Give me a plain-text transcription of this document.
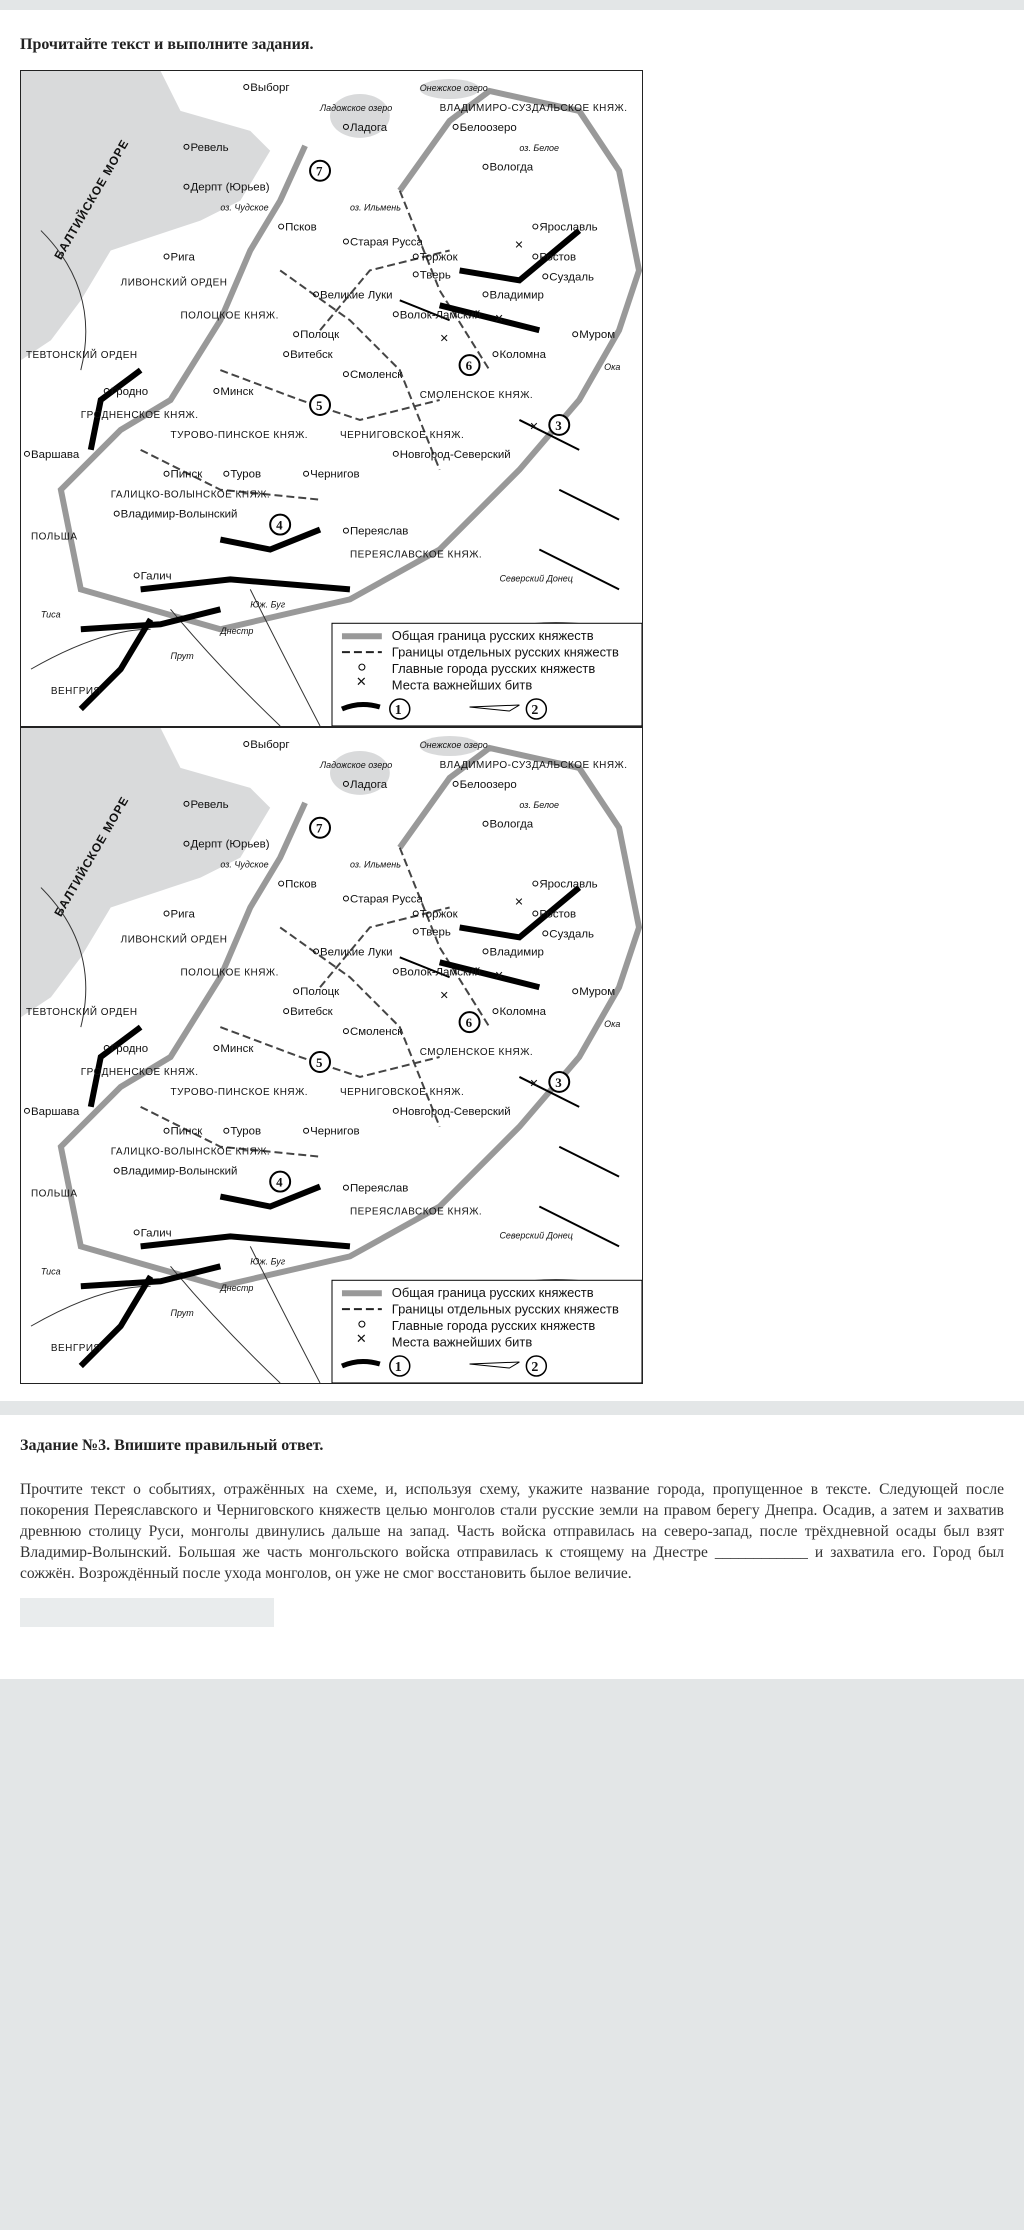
Прочитайте текст и выполните задания.
БАЛТИЙСКОЕ МОРЕ
Выборг
Ладога	Белоозеро
Вологда
Ревель
Дерпт (Юрьев)
Псков
Старая Русса
Ярославль
Ростов
Суздаль
Торжок
Тверь
Владимир
Рига
Великие Луки
Волок-Ламский
Полоцк
Витебск
Муром
Коломна
Смоленск
Гродно	Минск
Новгород-Северский
Пинск Туров	Чернигов
Переяслав
Владимир-Волынский
Галич
Варшава
ЛИВОНСКИЙ ОРДЕН
ТЕВТОНСКИЙ ОРДЕН
ГРОДНЕНСКОЕ КНЯЖ.
ПОЛОЦКОЕ КНЯЖ.
СМОЛЕНСКОЕ КНЯЖ.
ТУРОВО-ПИНСКОЕ КНЯЖ.	ЧЕРНИГОВСКОЕ КНЯЖ.
ПЕРЕЯСЛАВСКОЕ КНЯЖ.
ВЛАДИМИРО-СУЗДАЛЬСКОЕ КНЯЖ.
ГАЛИЦКО-ВОЛЫНСКОЕ КНЯЖ.
ПОЛЬША
ВЕНГРИЯ
Днестр
Юж. Буг
Прут
Тиса
Северский Донец
Ока
Ладожское озеро
Онежское озеро
оз. Белое
оз. Чудское	оз. Ильмень
3
4
5
6
7
✕
✕
✕
✕
✕
Общая граница русских княжеств
Границы отдельных русских княжеств
Главные города русских княжеств
Места важнейших битв
1	2
БАЛТИЙСКОЕ МОРЕ
Выборг
Ладога	Белоозеро
Вологда
Ревель
Дерпт (Юрьев)
Псков
Старая Русса
Ярославль
Ростов
Суздаль
Торжок
Тверь
Владимир
Рига
Великие Луки
Волок-Ламский
Полоцк
Витебск
Муром
Коломна
Смоленск
Гродно	Минск
Новгород-Северский
Пинск Туров	Чернигов
Переяслав
Владимир-Волынский
Галич
Варшава
ЛИВОНСКИЙ ОРДЕН
ТЕВТОНСКИЙ ОРДЕН
ГРОДНЕНСКОЕ КНЯЖ.
ПОЛОЦКОЕ КНЯЖ.
СМОЛЕНСКОЕ КНЯЖ.
ТУРОВО-ПИНСКОЕ КНЯЖ.	ЧЕРНИГОВСКОЕ КНЯЖ.
ПЕРЕЯСЛАВСКОЕ КНЯЖ.
ВЛАДИМИРО-СУЗДАЛЬСКОЕ КНЯЖ.
ГАЛИЦКО-ВОЛЫНСКОЕ КНЯЖ.
ПОЛЬША
ВЕНГРИЯ
Днестр
Юж. Буг
Прут
Тиса
Северский Донец
Ока
Ладожское озеро
Онежское озеро
оз. Белое
оз. Чудское	оз. Ильмень
3
4
5
6
7
✕
✕
✕
✕
✕
Общая граница русских княжеств
Границы отдельных русских княжеств
Главные города русских княжеств
Места важнейших битв
1	2
Задание №3. Впишите правильный ответ.

Прочтите текст о событиях, отражённых на схеме, и, используя схему, укажите название города, пропущенное в тексте. Следующей после покорения Переяславского и Черниговского княжеств целью монголов стали русские земли на правом берегу Днепра. Осадив, а затем и захватив древнюю столицу Руси, монголы двинулись дальше на запад. Часть войска отправилась на северо-запад, после трёхдневной осады был взят Владимир-Волынский. Большая же часть монгольского войска отправилась к стоящему на Днестре ____________ и захватила его. Город был сожжён. Возрождённый после ухода монголов, он уже не смог восстановить былое величие.
